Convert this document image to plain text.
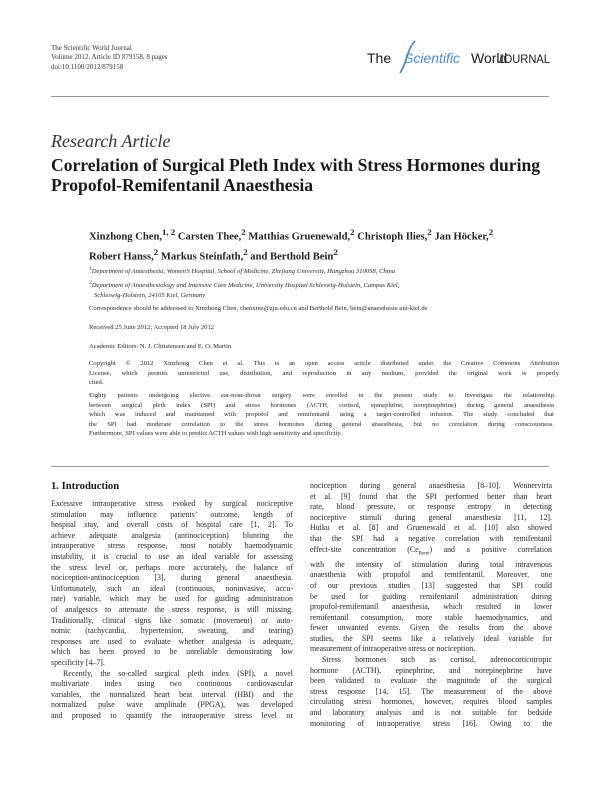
The Scientific World Journal
Volume 2012, Article ID 879158, 8 pages
doi:10.1100/2012/879158
The Scientific World
JOURNAL
Research Article
Correlation of Surgical Pleth Index with Stress Hormones during
Propofol-Remifentanil Anaesthesia
Xinzhong Chen,$^{1, 2}$ Carsten Thee,$^2$ Matthias Gruenewald,$^2$ Christoph Ilies,$^2$ Jan Höcker,$^2$
Robert Hanss,$^2$ Markus Steinfath,$^2$ and Berthold Bein$^2$
$^1$Department of Anaesthesia, Women’s Hospital, School of Medicine, Zhejiang University, Hangzhou 310058, China
$^2$Department of Anaesthesiology and Intensive Care Medicine, University Hospital Schleswig-Holstein, Campus Kiel,
Schleswig-Holstein, 24105 Kiel, Germany
Correspondence should be addressed to Xinzhong Chen, chenxinz@zju.edu.cn and Berthold Bein, bein@anaesthesie.uni-kiel.de
Received 25 June 2012; Accepted 18 July 2012
Academic Editors: N. J. Christensen and E. O. Martin
Copyright © 2012 Xinzhong Chen et al. This is an open access article distributed under the Creative Commons Attribution
License, which permits unrestricted use, distribution, and reproduction in any medium, provided the original work is properly
cited.
Eighty patients undergoing elective ear-nose-throat surgery were enrolled in the present study to investigate the relationship
between surgical pleth index (SPI) and stress hormones (ACTH, cortisol, epinephrine, norepinephrine) during general anaesthesia
which was induced and maintained with propofol and remifentanil using a target-controlled infusion. The study concluded that
the SPI had moderate correlation to the stress hormones during general anaesthesia, but no correlation during consciousness.
Furthermore, SPI values were able to predict ACTH values with high sensitivity and specificity.
1. Introduction
Excessive intraoperative stress evoked by surgical nociceptive
stimulation may influence patients’ outcome, length of
hospital stay, and overall costs of hospital care [1, 2]. To
achieve adequate analgesia (antinociception) blunting the
intraoperative stress response, most notably haemodynamic
instability, it is crucial to use an ideal variable for assessing
the stress level or, perhaps more accurately, the balance of
nociception-antinociception [3], during general anaesthesia.
Unfortunately, such an ideal (continuous, noninvasive, accu-
rate) variable, which may be used for guiding administration
of analgesics to attenuate the stress response, is still missing.
Traditionally, clinical signs like somatic (movement) or auto-
nomic (tachycardia, hypertension, sweating, and tearing)
responses are used to evaluate whether analgesia is adequate,
which has been proved to be unreliable demonstrating low
specificity [4–7].
Recently, the so-called surgical pleth index (SPI), a novel
multivariate index using two continuous cardiovascular
variables, the normalized heart beat interval (HBI) and the
normalized pulse wave amplitude (PPGA), was developed
and proposed to quantify the intraoperative stress level or
nociception during general anaesthesia [8–10]. Wennervirta
et al. [9] found that the SPI performed better than heart
rate, blood pressure, or response entropy in detecting
nociceptive stimuli during general anaesthesia [11, 12].
Huiku et al. [8] and Gruenewald et al. [10] also showed
that the SPI had a negative correlation with remifentanil
effect-site concentration $(Ce_{Remi})$ and a positive correlation
with the intensity of stimulation during total intravenous
anaesthesia with propofol and remifentanil. Moreover, one
of our previous studies [13] suggested that SPI could
be used for guiding remifentanil administration during
propofol-remifentanil anaesthesia, which resulted in lower
remifentanil consumption, more stable haemodynamics, and
fewer unwanted events. Given the results from the above
studies, the SPI seems like a relatively ideal variable for
measurement of intraoperative stress or nociception.
Stress hormones such as cortisol, adrenocorticotropic
hormone (ACTH), epinephrine, and norepinephrine have
been validated to evaluate the magnitude of the surgical
stress response [14, 15]. The measurement of the above
circulating stress hormones, however, requires blood samples
and laboratory analysis and is not suitable for bedside
monitoring of intraoperative stress [16]. Owing to the
